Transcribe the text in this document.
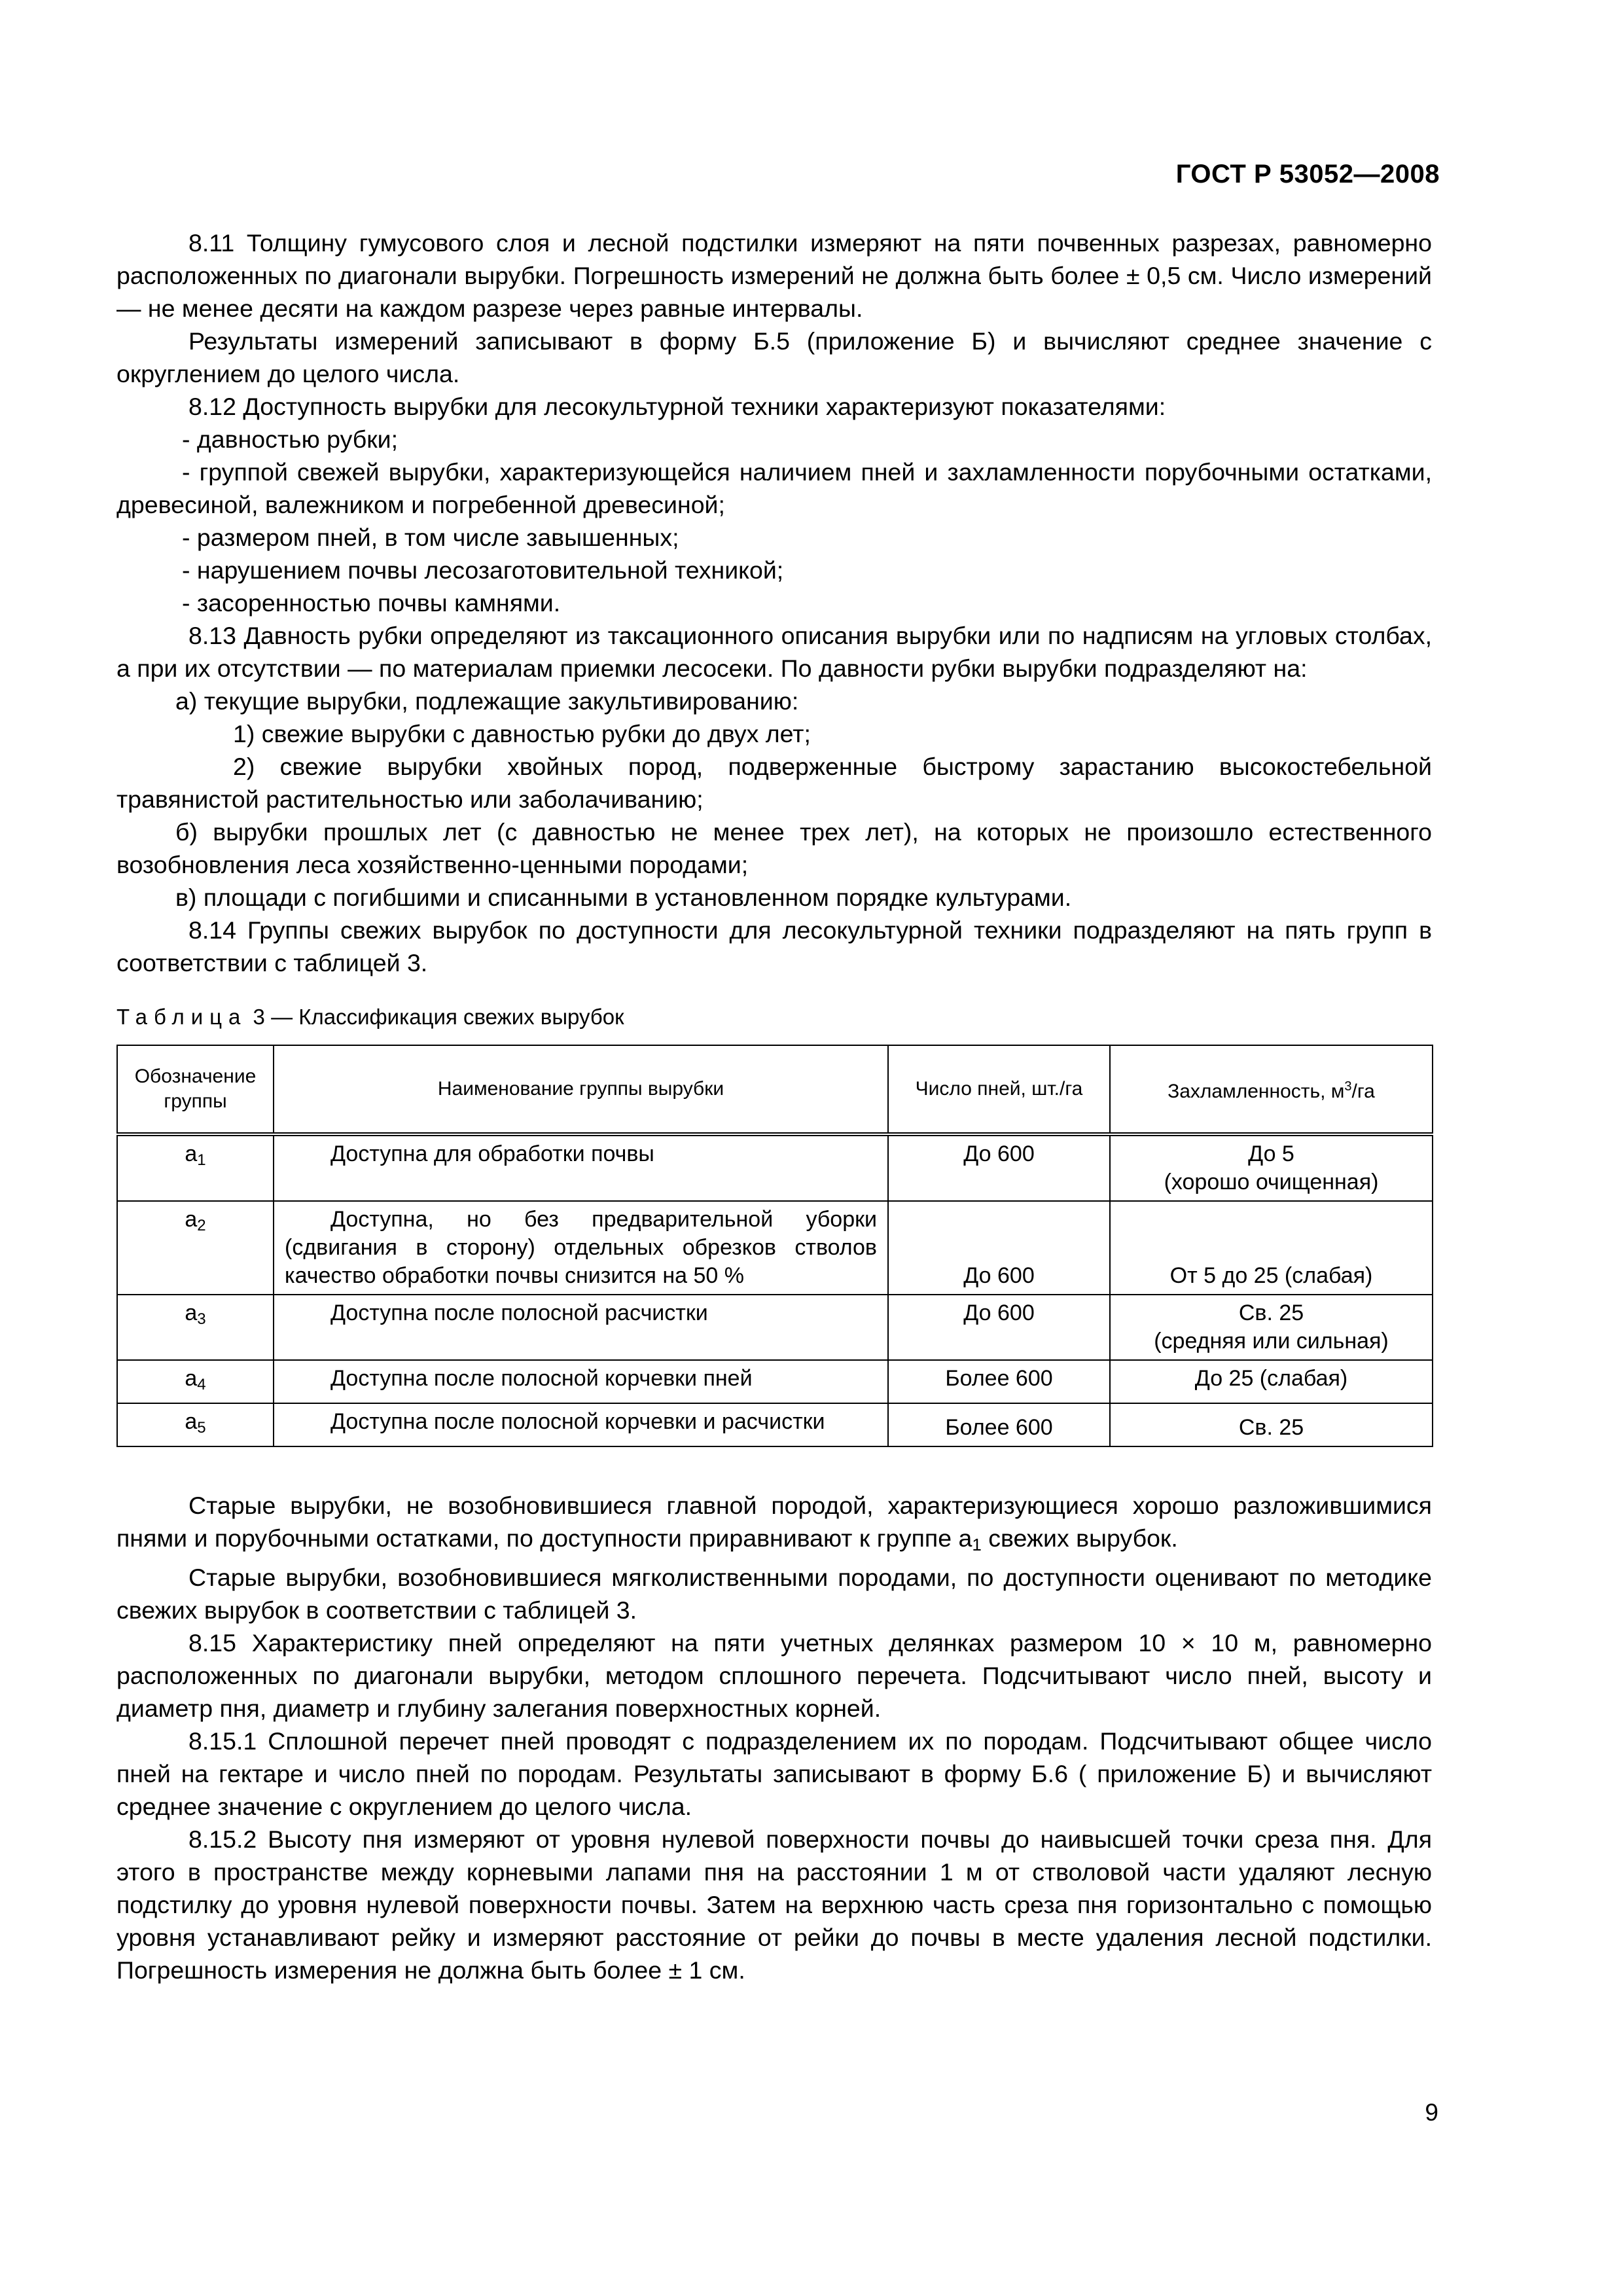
ГОСТ Р 53052—2008

8.11 Толщину гумусового слоя и лесной подстилки измеряют на пяти почвенных разрезах, равномерно расположенных по диагонали вырубки. Погрешность измерений не должна быть более ± 0,5 см. Число измерений — не менее десяти на каждом разрезе через равные интервалы.

Результаты измерений записывают в форму Б.5 (приложение Б) и вычисляют среднее значение с округлением до целого числа.

8.12 Доступность вырубки для лесокультурной техники характеризуют показателями:

- давностью рубки;

- группой свежей вырубки, характеризующейся наличием пней и захламленности порубочными остатками, древесиной, валежником и погребенной древесиной;

- размером пней, в том числе завышенных;

- нарушением почвы лесозаготовительной техникой;

- засоренностью почвы камнями.

8.13 Давность рубки определяют из таксационного описания вырубки или по надписям на угловых столбах, а при их отсутствии — по материалам приемки лесосеки. По давности рубки вырубки подразделяют на:

а) текущие вырубки, подлежащие закультивированию:

1) свежие вырубки с давностью рубки до двух лет;

2) свежие вырубки хвойных пород, подверженные быстрому зарастанию высокостебельной травянистой растительностью или заболачиванию;

б) вырубки прошлых лет (с давностью не менее трех лет), на которых не произошло естественного возобновления леса хозяйственно-ценными породами;

в) площади с погибшими и списанными в установленном порядке культурами.

8.14 Группы свежих вырубок по доступности для лесокультурной техники подразделяют на пять групп в соответствии с таблицей 3.

Таблица 3 — Классификация свежих вырубок
Обозначение группы	Наименование группы вырубки	Число пней, шт./га	Захламленность, $м^3/га$
$а_1$	Доступна для обработки почвы	До 600	До 5
(хорошо очищенная)

$а_2$	Доступна, но без предварительной уборки (сдвигания в сторону) отдельных обрезков стволов качество обработки почвы снизится на 50 %	До 600	От 5 до 25 (слабая)

$а_3$	Доступна после полосной расчистки	До 600	Св. 25
(средняя или сильная)

$а_4$	Доступна после полосной корчевки пней	Более 600	До 25 (слабая)

$а_5$	Доступна после полосной корчевки и расчистки	Более 600	Св. 25

Старые вырубки, не возобновившиеся главной породой, характеризующиеся хорошо разложившимися пнями и порубочными остатками, по доступности приравнивают к группе $а_1$ свежих вырубок.

Старые вырубки, возобновившиеся мягколиственными породами, по доступности оценивают по методике свежих вырубок в соответствии с таблицей 3.

8.15 Характеристику пней определяют на пяти учетных делянках размером 10 × 10 м, равномерно расположенных по диагонали вырубки, методом сплошного перечета. Подсчитывают число пней, высоту и диаметр пня, диаметр и глубину залегания поверхностных корней.

8.15.1 Сплошной перечет пней проводят с подразделением их по породам. Подсчитывают общее число пней на гектаре и число пней по породам. Результаты записывают в форму Б.6 ( приложение Б) и вычисляют среднее значение с округлением до целого числа.

8.15.2 Высоту пня измеряют от уровня нулевой поверхности почвы до наивысшей точки среза пня. Для этого в пространстве между корневыми лапами пня на расстоянии 1 м от стволовой части удаляют лесную подстилку до уровня нулевой поверхности почвы. Затем на верхнюю часть среза пня горизонтально с помощью уровня устанавливают рейку и измеряют расстояние от рейки до почвы в месте удаления лесной подстилки. Погрешность измерения не должна быть более ± 1 см.

9
